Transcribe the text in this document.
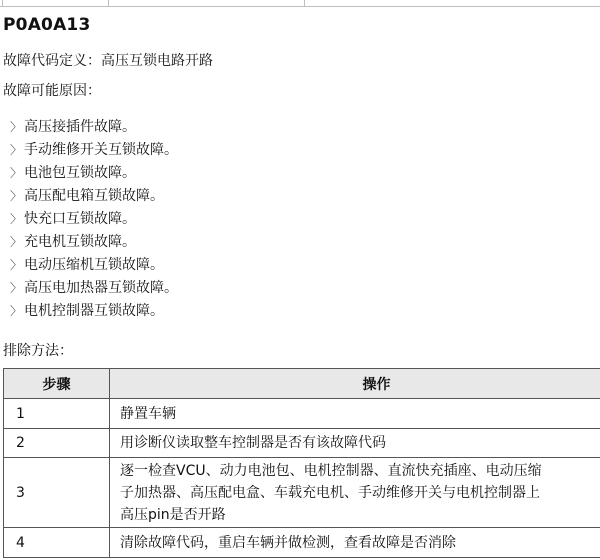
P0A0A13
故障代码定义：高压互锁电路开路
故障可能原因：
〉 高压接插件故障。
〉 手动维修开关互锁故障。
〉 电池包互锁故障。
〉 高压配电箱互锁故障。
〉 快充口互锁故障。
〉 充电机互锁故障。
〉 电动压缩机互锁故障。
〉 高压电加热器互锁故障。
〉 电机控制器互锁故障。
排除方法：
步骤	操作
1	静置车辆

2	用诊断仪读取整车控制器是否有该故障代码

3	逐一检查VCU、动力电池包、电机控制器、直流快充插座、电动压缩
子加热器、高压配电盒、车载充电机、手动维修开关与电机控制器上
高压pin是否开路

4	清除故障代码，重启车辆并做检测，查看故障是否消除
